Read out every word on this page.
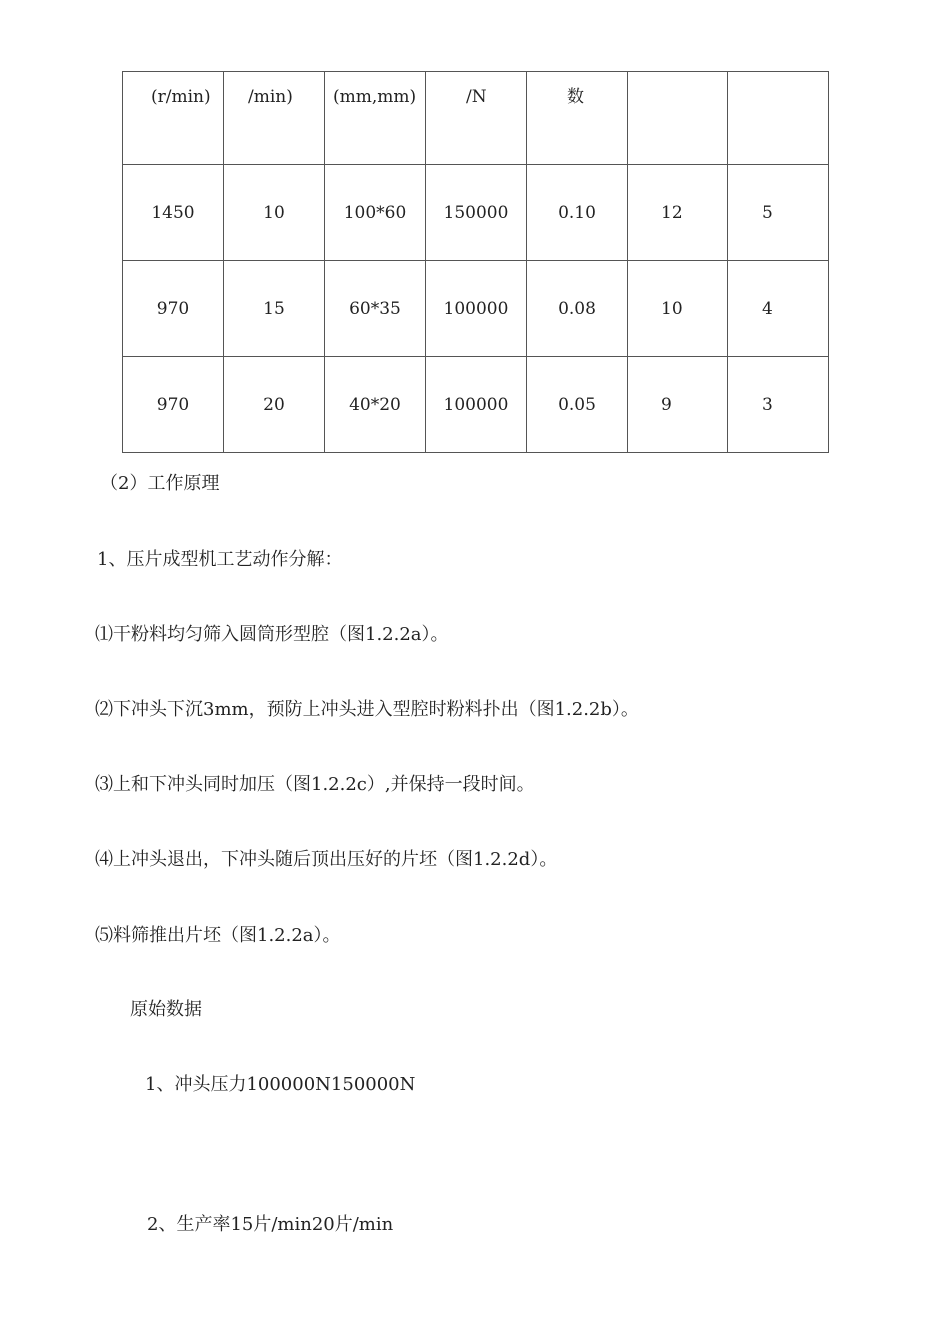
(r/min)	/min)	(mm,mm)	/N	数		
1450	10	100*60	150000	0.10	12	5
970	15	60*35	100000	0.08	10	4
970	20	40*20	100000	0.05	9	3
（2）工作原理
1、压片成型机工艺动作分解：
⑴干粉料均匀筛入圆筒形型腔（图1.2.2a）。
⑵下冲头下沉3mm，预防上冲头进入型腔时粉料扑出（图1.2.2b）。
⑶上和下冲头同时加压（图1.2.2c）,并保持一段时间。
⑷上冲头退出，下冲头随后顶出压好的片坯（图1.2.2d）。
⑸料筛推出片坯（图1.2.2a）。
原始数据
1、冲头压力100000N150000N
2、生产率15片/min20片/min
